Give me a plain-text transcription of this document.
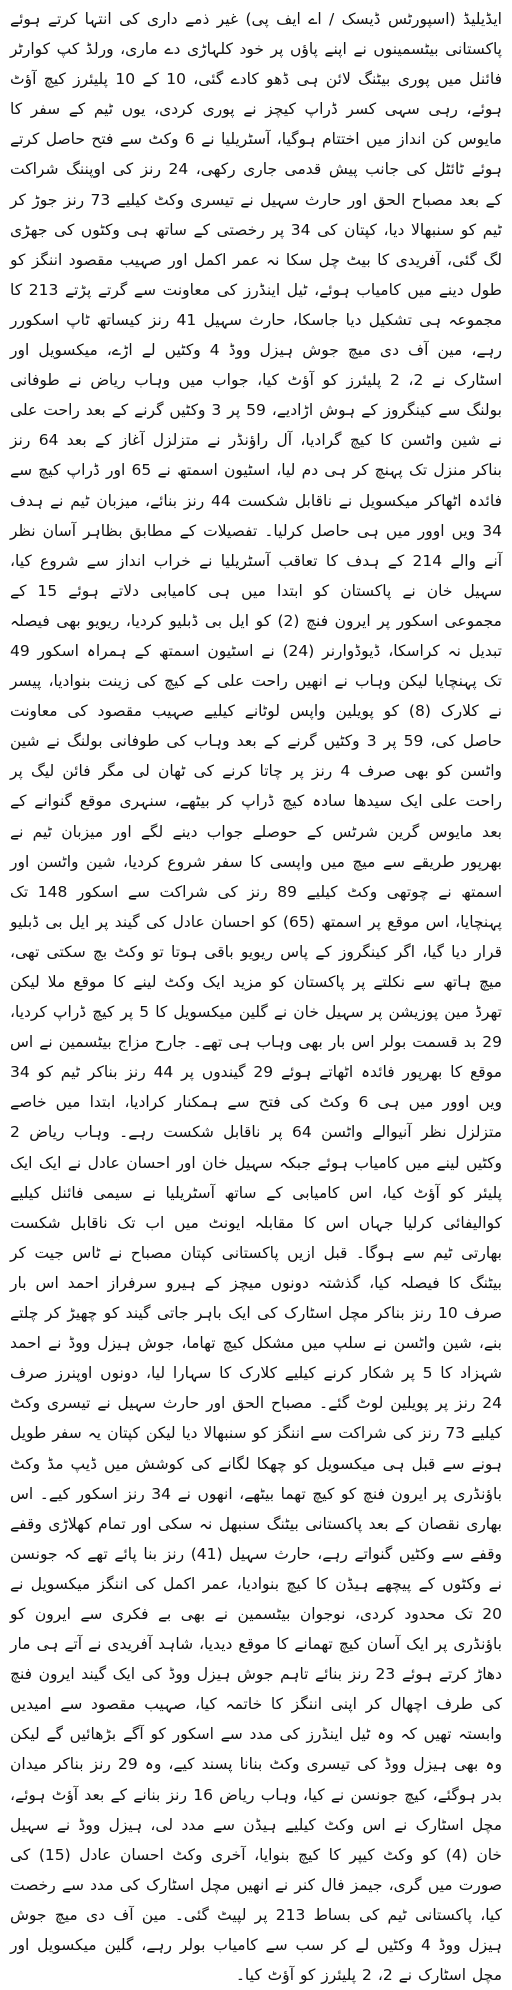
ایڈیلیڈ (اسپورٹس ڈیسک / اے ایف پی) غیر ذمے داری کی انتہا کرتے ہوئے پاکستانی بیٹسمینوں نے اپنے پاؤں پر خود کلہاڑی دے ماری، ورلڈ کپ کوارٹر فائنل میں پوری بیٹنگ لائن ہی ڈھو کادے گئی، 10 کے 10 پلیئرز کیچ آؤٹ ہوئے، رہی سہی کسر ڈراپ کیچز نے پوری کردی، یوں ٹیم کے سفر کا مایوس کن انداز میں اختتام ہوگیا، آسٹریلیا نے 6 وکٹ سے فتح حاصل کرتے ہوئے ٹائٹل کی جانب پیش قدمی جاری رکھی، 24 رنز کی اوپننگ شراکت کے بعد مصباح الحق اور حارث سہیل نے تیسری وکٹ کیلیے 73 رنز جوڑ کر ٹیم کو سنبھالا دیا، کپتان کی 34 پر رخصتی کے ساتھ ہی وکٹوں کی جھڑی لگ گئی، آفریدی کا بیٹ چل سکا نہ عمر اکمل اور صہیب مقصود اننگز کو طول دینے میں کامیاب ہوئے، ٹیل اینڈرز کی معاونت سے گرتے پڑتے 213 کا مجموعہ ہی تشکیل دیا جاسکا، حارث سہیل 41 رنز کیساتھ ٹاپ اسکورر رہے، مین آف دی میچ جوش ہیزل ووڈ 4 وکٹیں لے اڑے، میکسویل اور اسٹارک نے 2، 2 پلیئرز کو آؤٹ کیا، جواب میں وہاب ریاض نے طوفانی بولنگ سے کینگروز کے ہوش اڑادیے، 59 پر 3 وکٹیں گرنے کے بعد راحت علی نے شین واٹسن کا کیچ گرادیا، آل راؤنڈر نے متزلزل آغاز کے بعد 64 رنز بناکر منزل تک پہنچ کر ہی دم لیا، اسٹیون اسمتھ نے 65 اور ڈراپ کیچ سے فائدہ اٹھاکر میکسویل نے ناقابل شکست 44 رنز بنائے، میزبان ٹیم نے ہدف 34 ویں اوور میں ہی حاصل کرلیا۔ تفصیلات کے مطابق بظاہر آسان نظر آنے والے 214 کے ہدف کا تعاقب آسٹریلیا نے خراب انداز سے شروع کیا، سہیل خان نے پاکستان کو ابتدا میں ہی کامیابی دلاتے ہوئے 15 کے مجموعی اسکور پر ایرون فنچ (2) کو ایل بی ڈبلیو کردیا، ریویو بھی فیصلہ تبدیل نہ کراسکا، ڈیوڈوارنر (24) نے اسٹیون اسمتھ کے ہمراہ اسکور 49 تک پہنچایا لیکن وہاب نے انھیں راحت علی کے کیچ کی زینت بنوادیا، پیسر نے کلارک (8) کو پویلین واپس لوٹانے کیلیے صہیب مقصود کی معاونت حاصل کی، 59 پر 3 وکٹیں گرنے کے بعد وہاب کی طوفانی بولنگ نے شین واٹسن کو بھی صرف 4 رنز پر چاتا کرنے کی ٹھان لی مگر فائن لیگ پر راحت علی ایک سیدھا سادہ کیچ ڈراپ کر بیٹھے، سنہری موقع گنوانے کے بعد مایوس گرین شرٹس کے حوصلے جواب دینے لگے اور میزبان ٹیم نے بھرپور طریقے سے میچ میں واپسی کا سفر شروع کردیا، شین واٹسن اور اسمتھ نے چوتھی وکٹ کیلیے 89 رنز کی شراکت سے اسکور 148 تک پہنچایا، اس موقع پر اسمتھ (65) کو احسان عادل کی گیند پر ایل بی ڈبلیو قرار دیا گیا، اگر کینگروز کے پاس ریویو باقی ہوتا تو وکٹ بچ سکتی تھی، میچ ہاتھ سے نکلتے پر پاکستان کو مزید ایک وکٹ لینے کا موقع ملا لیکن تھرڈ مین پوزیشن پر سہیل خان نے گلین میکسویل کا 5 پر کیچ ڈراپ کردیا، 29 بد قسمت بولر اس بار بھی وہاب ہی تھے۔ جارح مزاج بیٹسمین نے اس موقع کا بھرپور فائدہ اٹھاتے ہوئے 29 گیندوں پر 44 رنز بناکر ٹیم کو 34 ویں اوور میں ہی 6 وکٹ کی فتح سے ہمکنار کرادیا، ابتدا میں خاصے متزلزل نظر آنیوالے واٹسن 64 پر ناقابل شکست رہے۔ وہاب ریاض 2 وکٹیں لینے میں کامیاب ہوئے جبکہ سہیل خان اور احسان عادل نے ایک ایک پلیئر کو آؤٹ کیا، اس کامیابی کے ساتھ آسٹریلیا نے سیمی فائنل کیلیے کوالیفائی کرلیا جہاں اس کا مقابلہ ایونٹ میں اب تک ناقابل شکست بھارتی ٹیم سے ہوگا۔ قبل ازیں پاکستانی کپتان مصباح نے ٹاس جیت کر بیٹنگ کا فیصلہ کیا، گذشتہ دونوں میچز کے ہیرو سرفراز احمد اس بار صرف 10 رنز بناکر مچل اسٹارک کی ایک باہر جاتی گیند کو چھیڑ کر چلتے بنے، شین واٹسن نے سلپ میں مشکل کیچ تھاما، جوش ہیزل ووڈ نے احمد شہزاد کا 5 پر شکار کرنے کیلیے کلارک کا سہارا لیا، دونوں اوپنرز صرف 24 رنز پر پویلین لوٹ گئے۔ مصباح الحق اور حارث سہیل نے تیسری وکٹ کیلیے 73 رنز کی شراکت سے اننگز کو سنبھالا دیا لیکن کپتان یہ سفر طویل ہونے سے قبل ہی میکسویل کو چھکا لگانے کی کوشش میں ڈیپ مڈ وکٹ باؤنڈری پر ایرون فنچ کو کیچ تھما بیٹھے، انھوں نے 34 رنز اسکور کیے۔ اس بھاری نقصان کے بعد پاکستانی بیٹنگ سنبھل نہ سکی اور تمام کھلاڑی وقفے وقفے سے وکٹیں گنواتے رہے، حارث سہیل (41) رنز بنا پائے تھے کہ جونسن نے وکٹوں کے پیچھے ہیڈن کا کیچ بنوادیا، عمر اکمل کی اننگز میکسویل نے 20 تک محدود کردی، نوجوان بیٹسمین نے بھی بے فکری سے ایرون کو باؤنڈری پر ایک آسان کیچ تھمانے کا موقع دیدیا، شاہد آفریدی نے آتے ہی مار دھاڑ کرتے ہوئے 23 رنز بنائے تاہم جوش ہیزل ووڈ کی ایک گیند ایرون فنچ کی طرف اچھال کر اپنی اننگز کا خاتمہ کیا، صہیب مقصود سے امیدیں وابستہ تھیں کہ وہ ٹیل اینڈرز کی مدد سے اسکور کو آگے بڑھائیں گے لیکن وہ بھی ہیزل ووڈ کی تیسری وکٹ بنانا پسند کیے، وہ 29 رنز بناکر میدان بدر ہوگئے، کیچ جونسن نے کیا، وہاب ریاض 16 رنز بنانے کے بعد آؤٹ ہوئے، مچل اسٹارک نے اس وکٹ کیلیے ہیڈن سے مدد لی، ہیزل ووڈ نے سہیل خان (4) کو وکٹ کیپر کا کیچ بنوایا، آخری وکٹ احسان عادل (15) کی صورت میں گری، جیمز فال کنر نے انھیں مچل اسٹارک کی مدد سے رخصت کیا، پاکستانی ٹیم کی بساط 213 پر لپیٹ گئی۔ مین آف دی میچ جوش ہیزل ووڈ 4 وکٹیں لے کر سب سے کامیاب بولر رہے، گلین میکسویل اور مچل اسٹارک نے 2، 2 پلیئرز کو آؤٹ کیا۔
